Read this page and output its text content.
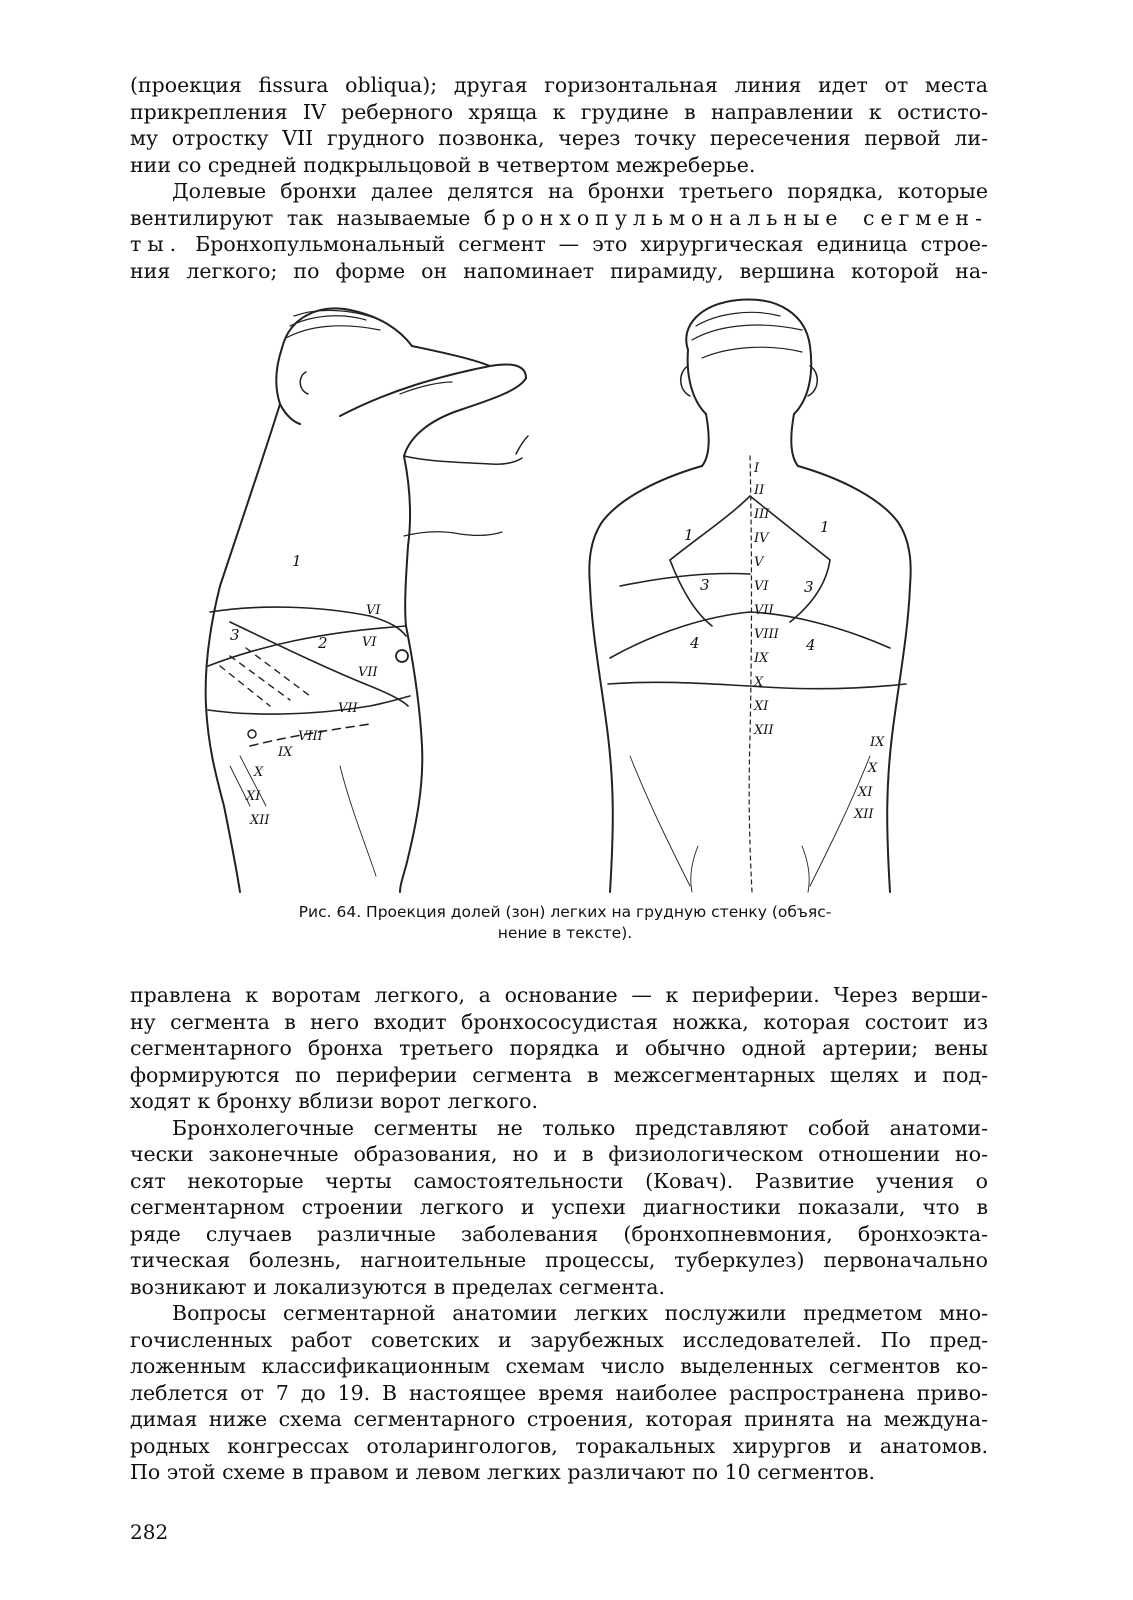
(проекция fissura obliqua); другая горизонтальная линия идет от места

прикрепления IV реберного хряща к грудине в направлении к остисто-

му отростку VII грудного позвонка, через точку пересечения первой ли-

нии со средней подкрыльцовой в четвертом межреберье.

Долевые бронхи далее делятся на бронхи третьего порядка, которые

вентилируют так называемые бронхопульмональные сегмен-

ты. Бронхопульмональный сегмент — это хирургическая единица строе-

ния легкого; по форме он напоминает пирамиду, вершина которой на-

1
2
3
VI
VI
VII
VII
VIII
IX
X
XI
XII
1	1
3	3
4	4
I
II
III
IV
V
VI
VII
VIII
IX
X
XI
XII
IX
X
XI
XII
Рис. 64. Проекция долей (зон) легких на грудную стенку (объяс-
нение в тексте).

правлена к воротам легкого, а основание — к периферии. Через верши-

ну сегмента в него входит бронхососудистая ножка, которая состоит из

сегментарного бронха третьего порядка и обычно одной артерии; вены

формируются по периферии сегмента в межсегментарных щелях и под-

ходят к бронху вблизи ворот легкого.

Бронхолегочные сегменты не только представляют собой анатоми-

чески законечные образования, но и в физиологическом отношении но-

сят некоторые черты самостоятельности (Ковач). Развитие учения о

сегментарном строении легкого и успехи диагностики показали, что в

ряде случаев различные заболевания (бронхопневмония, бронхоэкта-

тическая болезнь, нагноительные процессы, туберкулез) первоначально

возникают и локализуются в пределах сегмента.

Вопросы сегментарной анатомии легких послужили предметом мно-

гочисленных работ советских и зарубежных исследователей. По пред-

ложенным классификационным схемам число выделенных сегментов ко-

леблется от 7 до 19. В настоящее время наиболее распространена приво-

димая ниже схема сегментарного строения, которая принята на междуна-

родных конгрессах отоларингологов, торакальных хирургов и анатомов.

По этой схеме в правом и левом легких различают по 10 сегментов.

282
